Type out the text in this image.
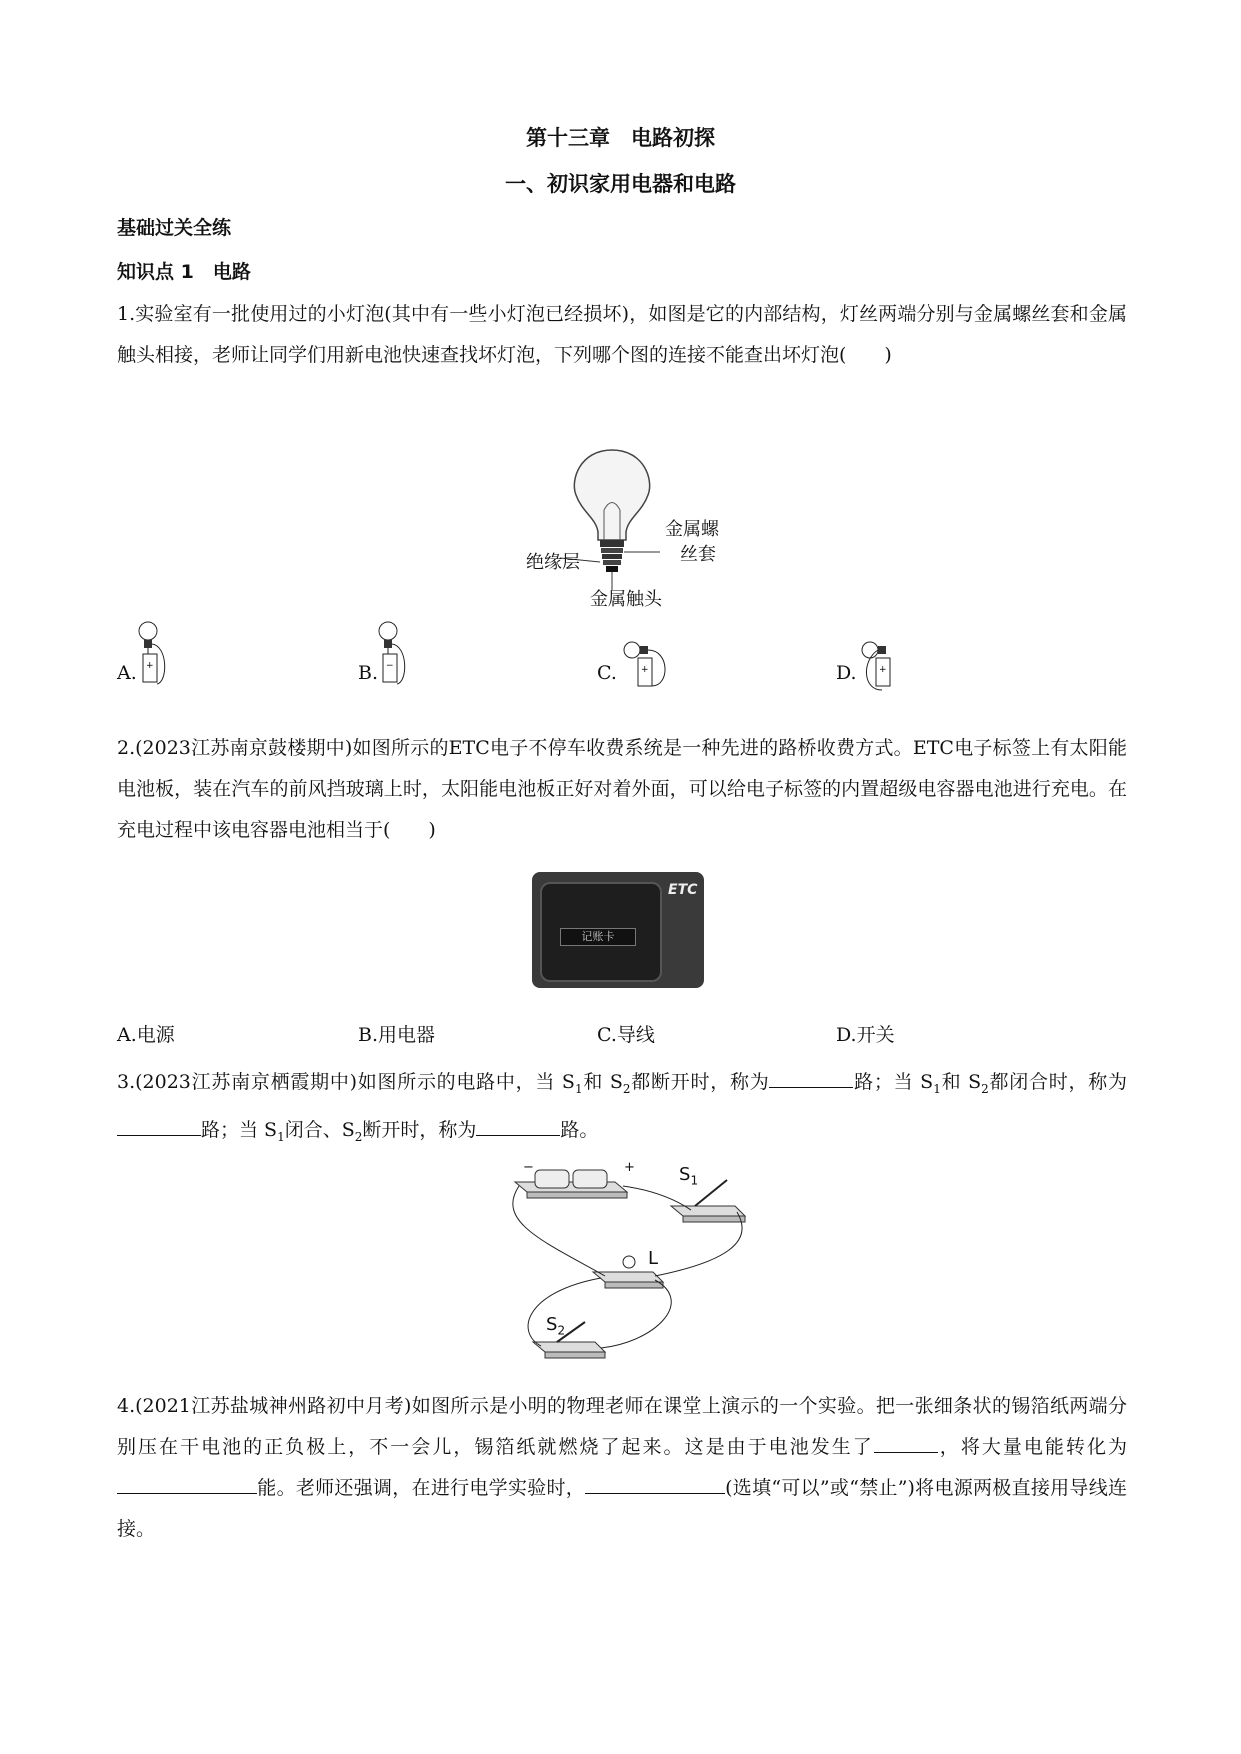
第十三章　电路初探
一、初识家用电器和电路
基础过关全练
知识点 1　电路
1.实验室有一批使用过的小灯泡(其中有一些小灯泡已经损坏)，如图是它的内部结构，灯丝两端分别与金属螺丝套和金属触头相接，老师让同学们用新电池快速查找坏灯泡，下列哪个图的连接不能查出坏灯泡(　　)
金属螺
丝套
绝缘层
金属触头
A. +	B. −	C.	+	D. +
2.(2023江苏南京鼓楼期中)如图所示的ETC电子不停车收费系统是一种先进的路桥收费方式。ETC电子标签上有太阳能电池板，装在汽车的前风挡玻璃上时，太阳能电池板正好对着外面，可以给电子标签的内置超级电容器电池进行充电。在充电过程中该电容器电池相当于(　　)
记账卡
ETC
A.电源	B.用电器	C.导线	D.开关
3.(2023江苏南京栖霞期中)如图所示的电路中，当 $S_1$和 $S_2$都断开时，称为	路；当 $S_1$和 $S_2$都闭合时，称为路；当 $S_1$闭合、$S_2$断开时，称为	路。
−	+ $S_1$
L
$S_2$
4.(2021江苏盐城神州路初中月考)如图所示是小明的物理老师在课堂上演示的一个实验。把一张细条状的锡箔纸两端分别压在干电池的正负极上，不一会儿，锡箔纸就燃烧了起来。这是由于电池发生了	，将大量电能转化为能。老师还强调，在进行电学实验时，	(选填“可以”或“禁止”)将电源两极直接用导线连接。
